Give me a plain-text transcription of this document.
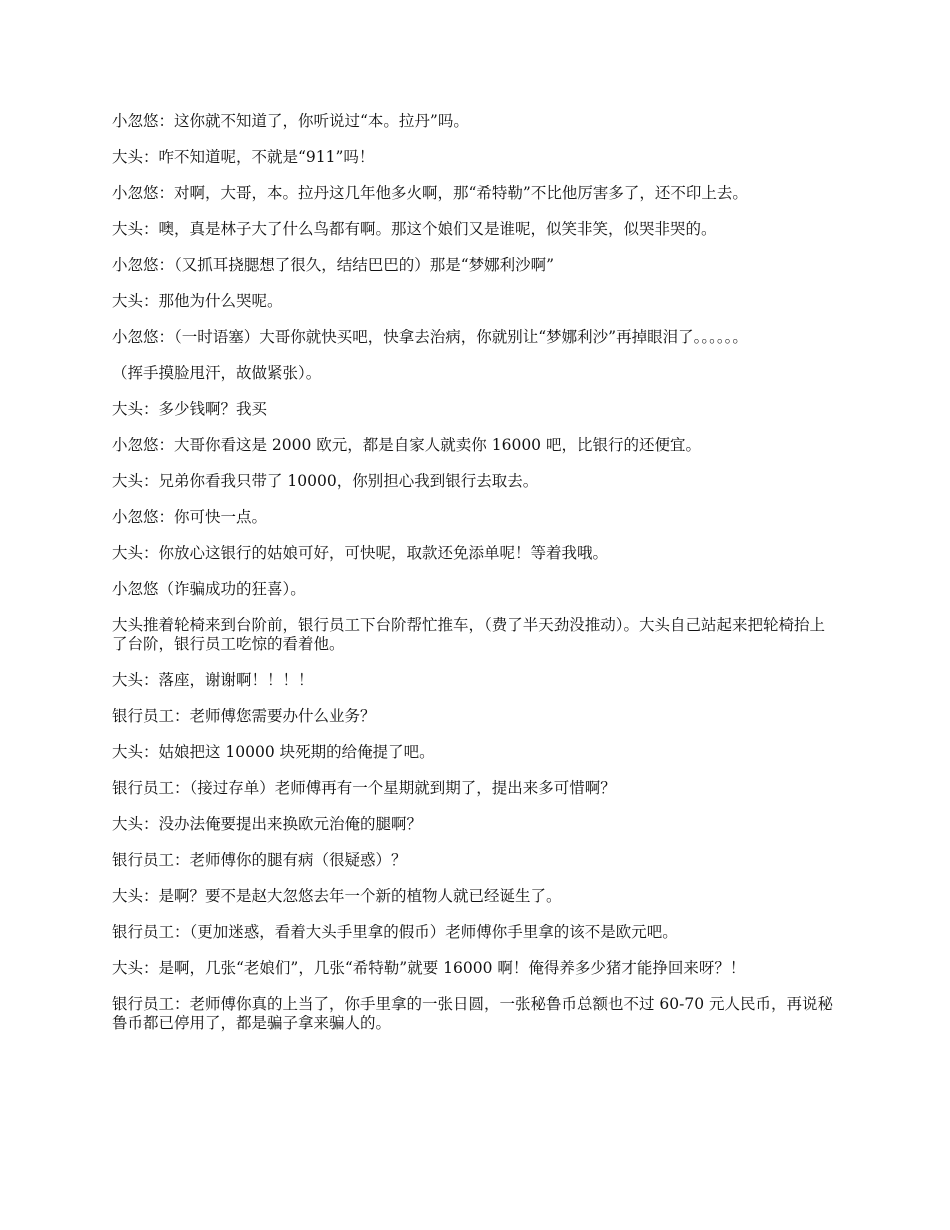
小忽悠：这你就不知道了，你听说过“本。拉丹”吗。

大头：咋不知道呢，不就是“911”吗！

小忽悠：对啊，大哥，本。拉丹这几年他多火啊，那“希特勒”不比他厉害多了，还不印上去。

大头：噢，真是林子大了什么鸟都有啊。那这个娘们又是谁呢，似笑非笑，似哭非哭的。

小忽悠：（又抓耳挠腮想了很久，结结巴巴的）那是“梦娜利沙啊”

大头：那他为什么哭呢。

小忽悠：（一时语塞）大哥你就快买吧，快拿去治病，你就别让“梦娜利沙”再掉眼泪了。。。。。。

（挥手摸脸甩汗，故做紧张）。

大头：多少钱啊？我买

小忽悠：大哥你看这是 2000 欧元，都是自家人就卖你 16000 吧，比银行的还便宜。

大头：兄弟你看我只带了 10000，你别担心我到银行去取去。

小忽悠：你可快一点。

大头：你放心这银行的姑娘可好，可快呢，取款还免添单呢！等着我哦。

小忽悠（诈骗成功的狂喜）。

大头推着轮椅来到台阶前，银行员工下台阶帮忙推车，（费了半天劲没推动）。大头自己站起来把轮椅抬上了台阶，银行员工吃惊的看着他。

大头：落座，谢谢啊！！！！

银行员工：老师傅您需要办什么业务？

大头：姑娘把这 10000 块死期的给俺提了吧。

银行员工：（接过存单）老师傅再有一个星期就到期了，提出来多可惜啊？

大头：没办法俺要提出来换欧元治俺的腿啊？

银行员工：老师傅你的腿有病（很疑惑）？

大头：是啊？要不是赵大忽悠去年一个新的植物人就已经诞生了。

银行员工：（更加迷惑，看着大头手里拿的假币）老师傅你手里拿的该不是欧元吧。

大头：是啊，几张“老娘们”，几张“希特勒”就要 16000 啊！俺得养多少猪才能挣回来呀？！

银行员工：老师傅你真的上当了，你手里拿的一张日圆，一张秘鲁币总额也不过 60-70 元人民币，再说秘鲁币都已停用了，都是骗子拿来骗人的。
